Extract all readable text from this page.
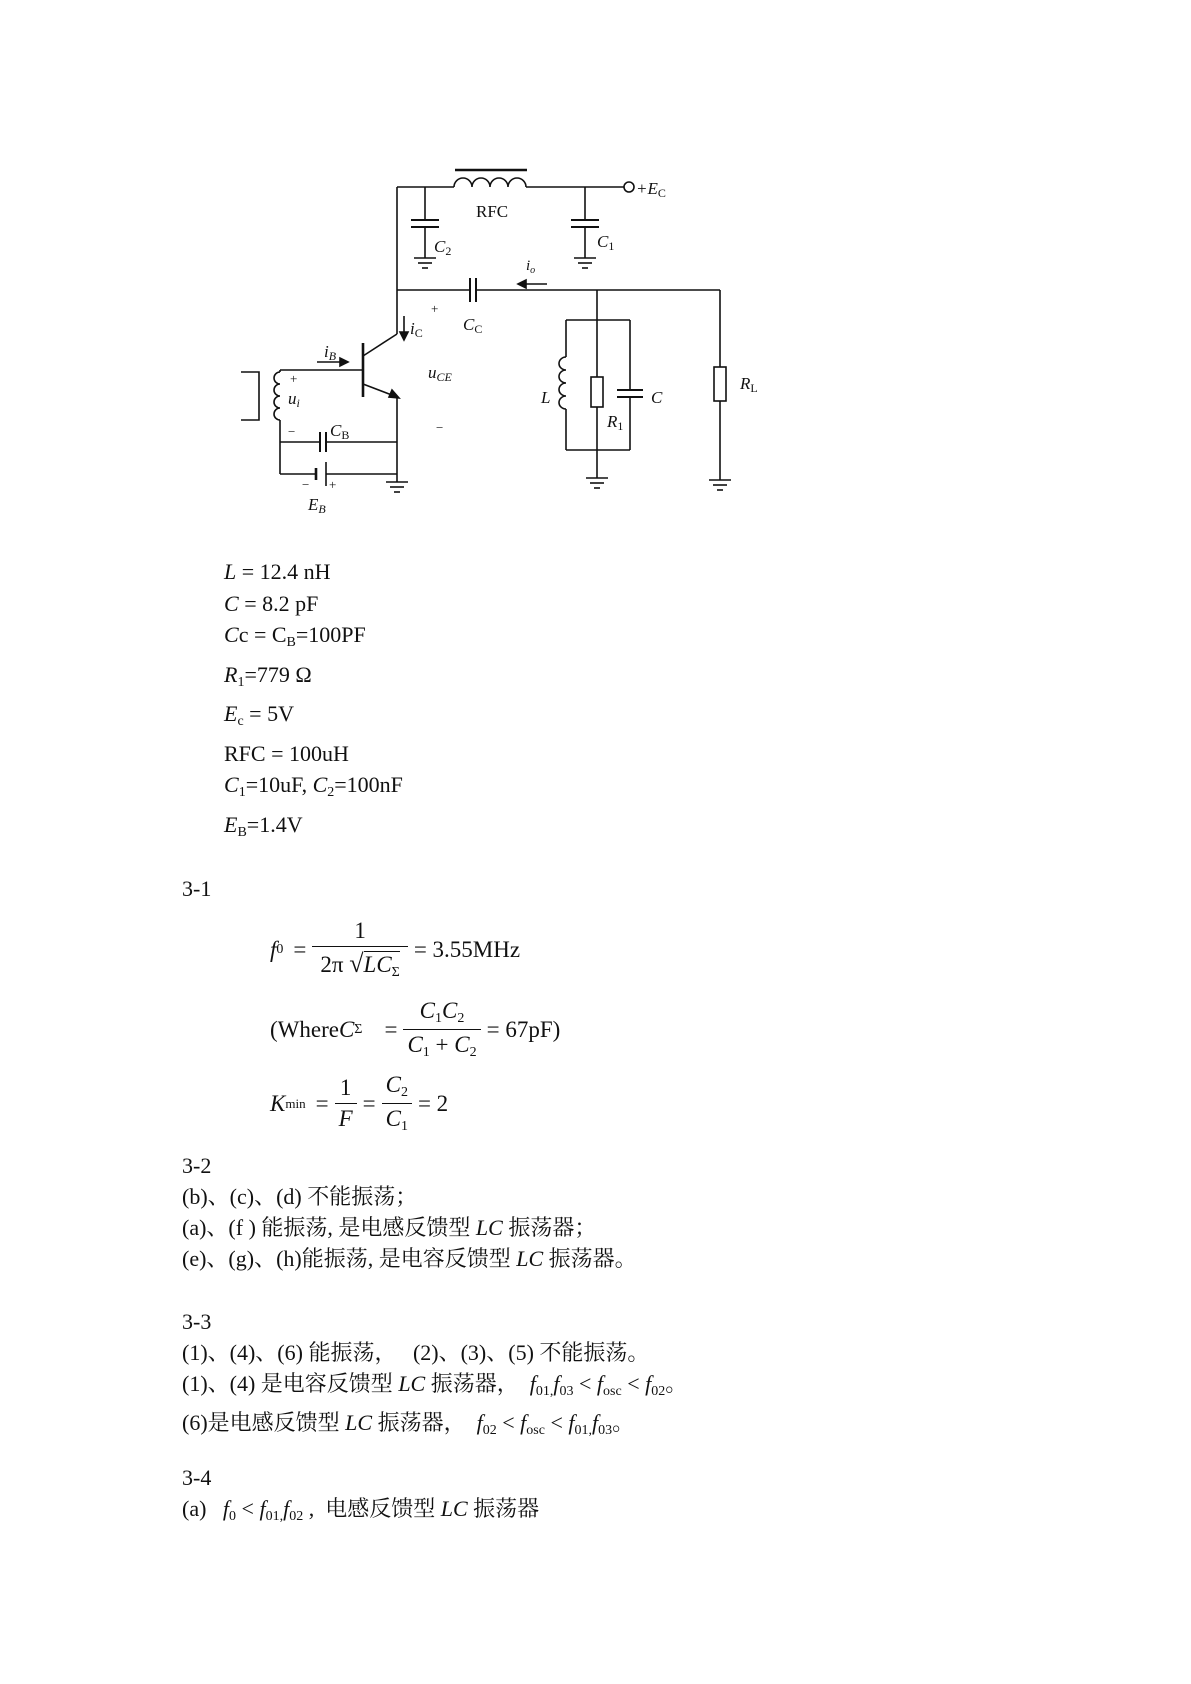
+EC
RFC
C2	C1
$i_o$
CC
+
iC
iB
+
ui
uCE
− CB	−
L
R1
C
RL
− +
EB
L = 12.4 nH
C = 8.2 pF
$Cc = C_B=100PF$
$R_1=779$ Ω
$E_c = 5V$
RFC = 100uH
$C_1=10uF$, $C_2=100nF$
$E_B=1.4V$
3-1
f $0 = \frac{1}{2\pi √LC_\Sigma} = 3.55MHz$
(Where C $\Sigma = \frac{C_1C_2}{C_1 + C_2} = 67pF$)
K $\min = \frac{1}{F} = \frac{C_2}{C_1} = 2$
3-2
(b)、(c)、(d) 不能振荡；
(a)、(f ) 能振荡, 是电感反馈型 LC 振荡器；
(e)、(g)、(h)能振荡, 是电容反馈型 LC 振荡器。
3-3
(1)、(4)、(6) 能振荡，   (2)、(3)、(5) 不能振荡。
(1)、(4) 是电容反馈型 LC 振荡器，  $f_{01,}f_{03} < f_{osc} < f_{02}$。
(6)是电感反馈型 LC 振荡器，  $f_{02} < f_{osc} < f_{01,}f_{03}$。
3-4
(a)   $f_0 < f_{01,}f_{02}$ ,  电感反馈型 LC 振荡器
